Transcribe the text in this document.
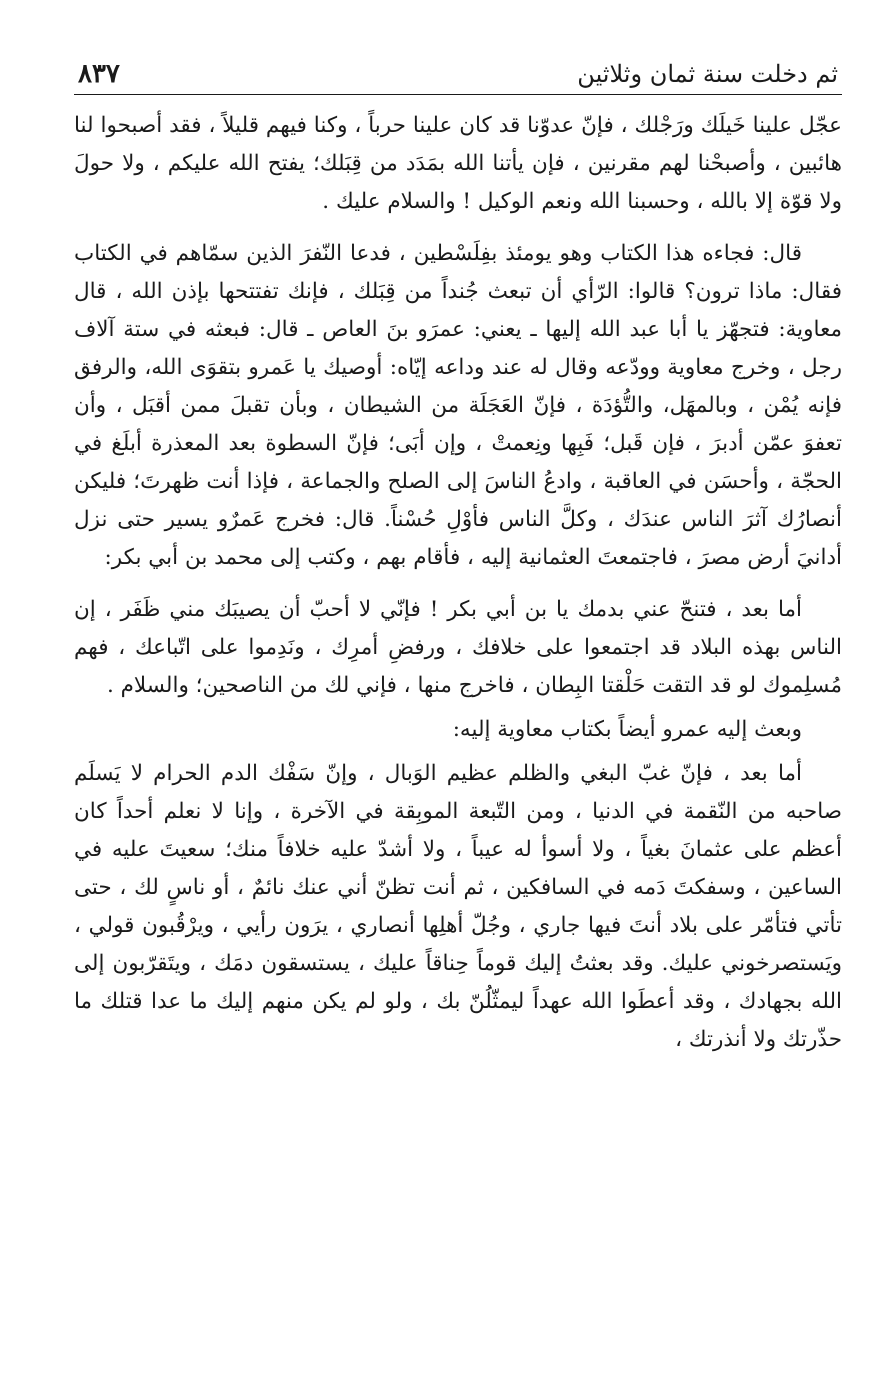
ثم دخلت سنة ثمان وثلاثين
٨٣٧

عجّل علينا خَيلَك ورَجْلك ، فإنّ عدوّنا قد كان علينا حرباً ، وكنا فيهم قليلاً ، فقد أصبحوا لنا هائبين ، وأصبحْنا لهم مقرنين ، فإن يأتنا الله بمَدَد من قِبَلك؛ يفتح الله عليكم ، ولا حولَ ولا قوّة إلا بالله ، وحسبنا الله ونعم الوكيل ! والسلام عليك .

قال: فجاءه هذا الكتاب وهو يومئذ بفِلَسْطين ، فدعا النّفرَ الذين سمّاهم في الكتاب فقال: ماذا ترون؟ قالوا: الرّأي أن تبعث جُنداً من قِبَلك ، فإنك تفتتحها بإذن الله ، قال معاوية: فتجهّز يا أبا عبد الله إليها ـ يعني: عمرَو بنَ العاص ـ قال: فبعثه في ستة آلاف رجل ، وخرج معاوية وودّعه وقال له عند وداعه إيّاه: أوصيك يا عَمرو بتقوَى الله، والرفق فإنه يُمْن ، وبالمهَل، والتُّؤدَة ، فإنّ العَجَلَة من الشيطان ، وبأن تقبلَ ممن أقبَل ، وأن تعفوَ عمّن أدبرَ ، فإن قَبل؛ فَبِها ونِعمتْ ، وإن أبَى؛ فإنّ السطوة بعد المعذرة أبلَغ في الحجّة ، وأحسَن في العاقبة ، وادعُ الناسَ إلى الصلح والجماعة ، فإذا أنت ظهرتَ؛ فليكن أنصارُك آثرَ الناس عندَك ، وكلَّ الناس فأوْلِ حُسْناً. قال: فخرج عَمرٌو يسير حتى نزل أدانيَ أرض مصرَ ، فاجتمعتَ العثمانية إليه ، فأقام بهم ، وكتب إلى محمد بن أبي بكر:

أما بعد ، فتنحّ عني بدمك يا بن أبي بكر ! فإنّي لا أحبّ أن يصيبَك مني ظَفَر ، إن الناس بهذه البلاد قد اجتمعوا على خلافك ، ورفضِ أمرِك ، ونَدِموا على اتّباعك ، فهم مُسلِموك لو قد التقت حَلْقتا البِطان ، فاخرج منها ، فإني لك من الناصحين؛ والسلام .

وبعث إليه عمرو أيضاً بكتاب معاوية إليه:

أما بعد ، فإنّ غبّ البغي والظلم عظيم الوَبال ، وإنّ سَفْك الدم الحرام لا يَسلَم صاحبه من النّقمة في الدنيا ، ومن التّبعة الموبِقة في الآخرة ، وإنا لا نعلم أحداً كان أعظم على عثمانَ بغياً ، ولا أسوأ له عيباً ، ولا أشدّ عليه خلافاً منك؛ سعيتَ عليه في الساعين ، وسفكتَ دَمه في السافكين ، ثم أنت تظنّ أني عنك نائمٌ ، أو ناسٍ لك ، حتى تأتي فتأمّر على بلاد أنتَ فيها جاري ، وجُلّ أهلِها أنصاري ، يرَون رأيي ، ويرْقُبون قولي ، ويَستصرخوني عليك. وقد بعثتُ إليك قوماً حِناقاً عليك ، يستسقون دمَك ، ويتَقرّبون إلى الله بجهادك ، وقد أعطَوا الله عهداً ليمثّلُنّ بك ، ولو لم يكن منهم إليك ما عدا قتلك ما حذّرتك ولا أنذرتك ،
